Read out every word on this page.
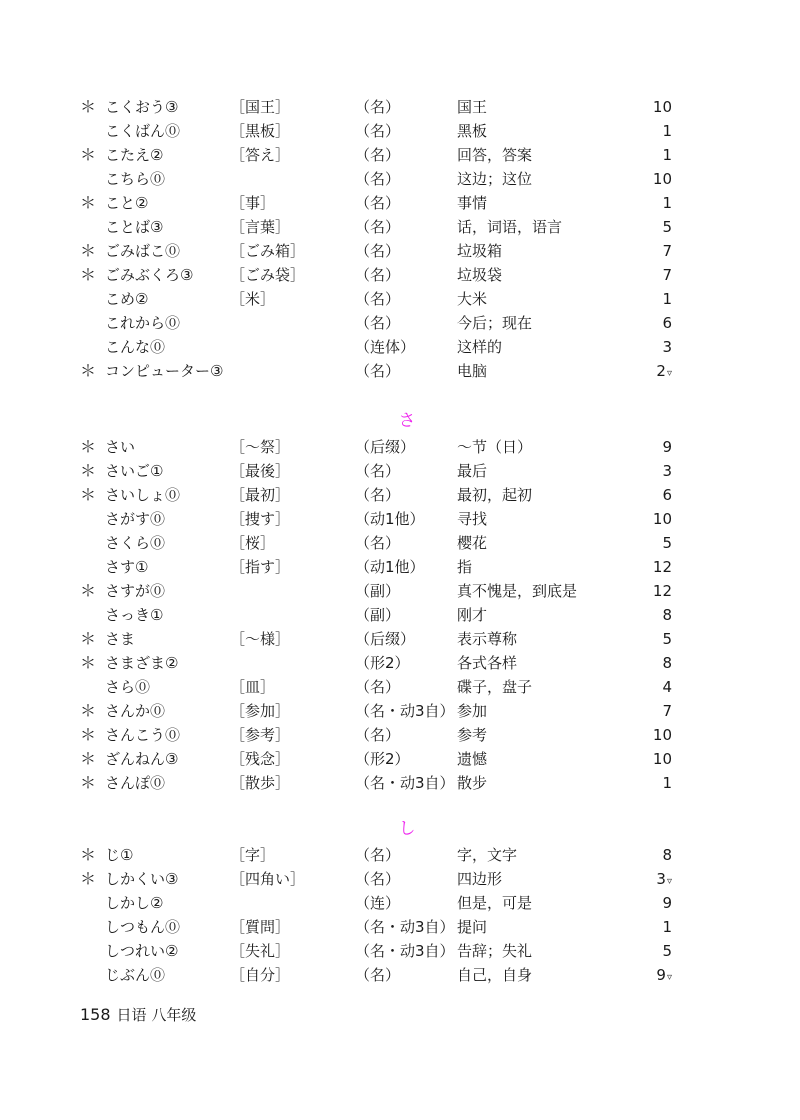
＊ こくおう③	［国王］	（名）	国王	10
こくばん⓪	［黒板］	（名）	黑板	1
＊ こたえ②	［答え］	（名）	回答，答案	1
こちら⓪	（名）	这边；这位	10
＊ こと②	［事］	（名）	事情	1
ことば③	［言葉］	（名）	话，词语，语言	5
＊ ごみばこ⓪	［ごみ箱］	（名）	垃圾箱	7
＊ ごみぶくろ③ ［ごみ袋］	（名）	垃圾袋	7
こめ②	［米］	（名）	大米	1
これから⓪	（名）	今后；现在	6
こんな⓪	（连体）	这样的	3
＊ コンピューター③	（名）	电脑	2▿
さ
＊ さい	［～祭］	（后缀）	～节（日）	9
＊ さいご①	［最後］	（名）	最后	3
＊ さいしょ⓪	［最初］	（名）	最初，起初	6
さがす⓪	［捜す］	（动1他） 寻找	10
さくら⓪	［桜］	（名）	樱花	5
さす①	［指す］	（动1他） 指	12
＊ さすが⓪	（副）	真不愧是，到底是	12
さっき①	（副）	刚才	8
＊ さま	［～様］	（后缀）	表示尊称	5
＊ さまざま②	（形2）	各式各样	8
さら⓪	［皿］	（名）	碟子，盘子	4
＊ さんか⓪	［参加］	（名・动3自） 参加	7
＊ さんこう⓪	［参考］	（名）	参考	10
＊ ざんねん③	［残念］	（形2）	遗憾	10
＊ さんぽ⓪	［散歩］	（名・动3自） 散步	1
し
＊ じ①	［字］	（名）	字，文字	8
＊ しかくい③	［四角い］	（名）	四边形	3▿
しかし②	（连）	但是，可是	9
しつもん⓪	［質問］	（名・动3自） 提问	1
しつれい②	［失礼］	（名・动3自） 告辞；失礼	5
じぶん⓪	［自分］	（名）	自己，自身	9▿
158 日语 八年级
